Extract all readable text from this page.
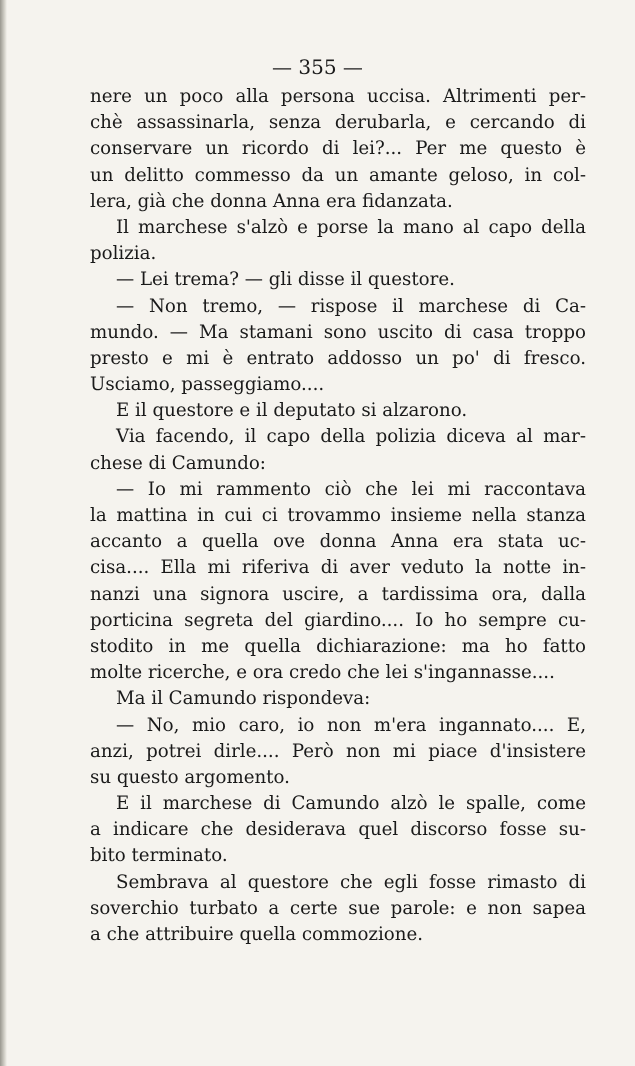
— 355 —
nere un poco alla persona uccisa. Altrimenti per-
chè assassinarla, senza derubarla, e cercando di
conservare un ricordo di lei?... Per me questo è
un delitto commesso da un amante geloso, in col-
lera, già che donna Anna era fidanzata.
Il marchese s'alzò e porse la mano al capo della
polizia.
— Lei trema? — gli disse il questore.
— Non tremo, — rispose il marchese di Ca-
mundo. — Ma stamani sono uscito di casa troppo
presto e mi è entrato addosso un po' di fresco.
Usciamo, passeggiamo....
E il questore e il deputato si alzarono.
Via facendo, il capo della polizia diceva al mar-
chese di Camundo:
— Io mi rammento ciò che lei mi raccontava
la mattina in cui ci trovammo insieme nella stanza
accanto a quella ove donna Anna era stata uc-
cisa.... Ella mi riferiva di aver veduto la notte in-
nanzi una signora uscire, a tardissima ora, dalla
porticina segreta del giardino.... Io ho sempre cu-
stodito in me quella dichiarazione: ma ho fatto
molte ricerche, e ora credo che lei s'ingannasse....
Ma il Camundo rispondeva:
— No, mio caro, io non m'era ingannato.... E,
anzi, potrei dirle.... Però non mi piace d'insistere
su questo argomento.
E il marchese di Camundo alzò le spalle, come
a indicare che desiderava quel discorso fosse su-
bito terminato.
Sembrava al questore che egli fosse rimasto di
soverchio turbato a certe sue parole: e non sapea
a che attribuire quella commozione.
